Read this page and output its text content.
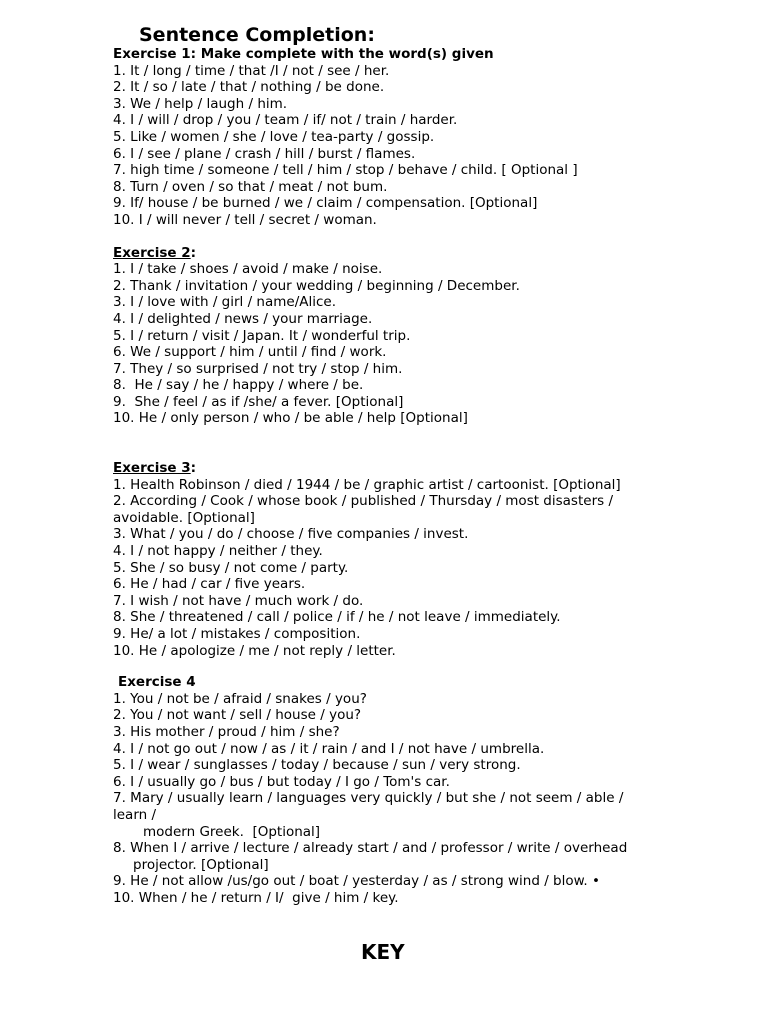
Sentence Completion:
Exercise 1: Make complete with the word(s) given
1. It / long / time / that /I / not / see / her.
2. It / so / late / that / nothing / be done.
3. We / help / laugh / him.
4. I / will / drop / you / team / if/ not / train / harder.
5. Like / women / she / love / tea-party / gossip.
6. I / see / plane / crash / hill / burst / flames.
7. high time / someone / tell / him / stop / behave / child. [ Optional ]
8. Turn / oven / so that / meat / not bum.
9. If/ house / be burned / we / claim / compensation. [Optional]
10. I / will never / tell / secret / woman.
Exercise 2:
1. I / take / shoes / avoid / make / noise.
2. Thank / invitation / your wedding / beginning / December.
3. I / love with / girl / name/Alice.
4. I / delighted / news / your marriage.
5. I / return / visit / Japan. It / wonderful trip.
6. We / support / him / until / find / work.
7. They / so surprised / not try / stop / him.
8.  He / say / he / happy / where / be.
9.  She / feel / as if /she/ a fever. [Optional]
10. He / only person / who / be able / help [Optional]
Exercise 3:
1. Health Robinson / died / 1944 / be / graphic artist / cartoonist. [Optional]
2. According / Cook / whose book / published / Thursday / most disasters / avoidable. [Optional]
3. What / you / do / choose / five companies / invest.
4. I / not happy / neither / they.
5. She / so busy / not come / party.
6. He / had / car / five years.
7. I wish / not have / much work / do.
8. She / threatened / call / police / if / he / not leave / immediately.
9. He/ a lot / mistakes / composition.
10. He / apologize / me / not reply / letter.
Exercise 4
1. You / not be / afraid / snakes / you?
2. You / not want / sell / house / you?
3. His mother / proud / him / she?
4. I / not go out / now / as / it / rain / and I / not have / umbrella.
5. I / wear / sunglasses / today / because / sun / very strong.
6. I / usually go / bus / but today / I go / Tom's car.
7. Mary / usually learn / languages very quickly / but she / not seem / able /
learn /
modern Greek.  [Optional]
8. When I / arrive / lecture / already start / and / professor / write / overhead
projector. [Optional]
9. He / not allow /us/go out / boat / yesterday / as / strong wind / blow. •
10. When / he / return / I/  give / him / key.
KEY
